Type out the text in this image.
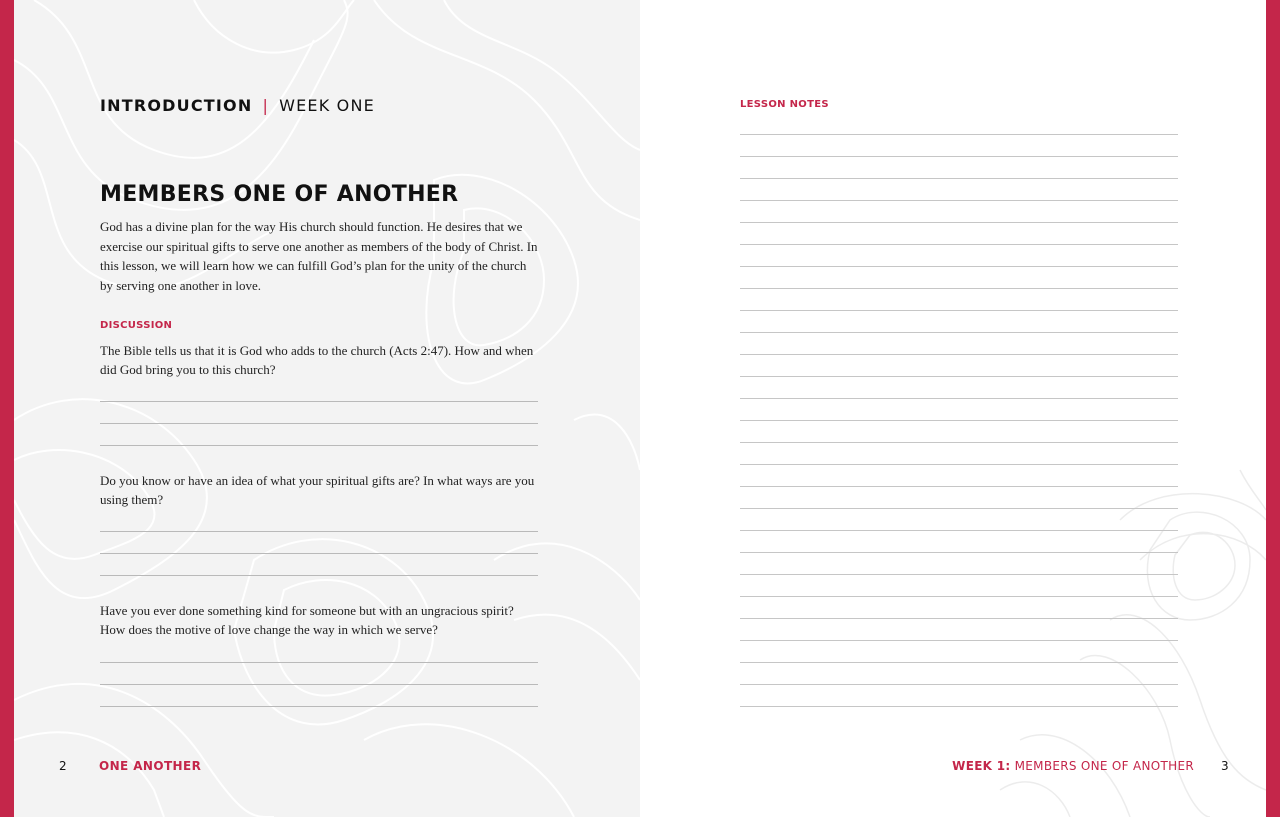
INTRODUCTION | WEEK ONE
MEMBERS ONE OF ANOTHER
God has a divine plan for the way His church should function. He desires that we exercise our spiritual gifts to serve one another as members of the body of Christ. In this lesson, we will learn how we can fulfill God’s plan for the unity of the church by serving one another in love.
DISCUSSION
The Bible tells us that it is God who adds to the church (Acts 2:47). How and when did God bring you to this church?
Do you know or have an idea of what your spiritual gifts are? In what ways are you using them?
Have you ever done something kind for someone but with an ungracious spirit? How does the motive of love change the way in which we serve?
2	ONE ANOTHER
LESSON NOTES
WEEK 1: MEMBERS ONE OF ANOTHER 3
